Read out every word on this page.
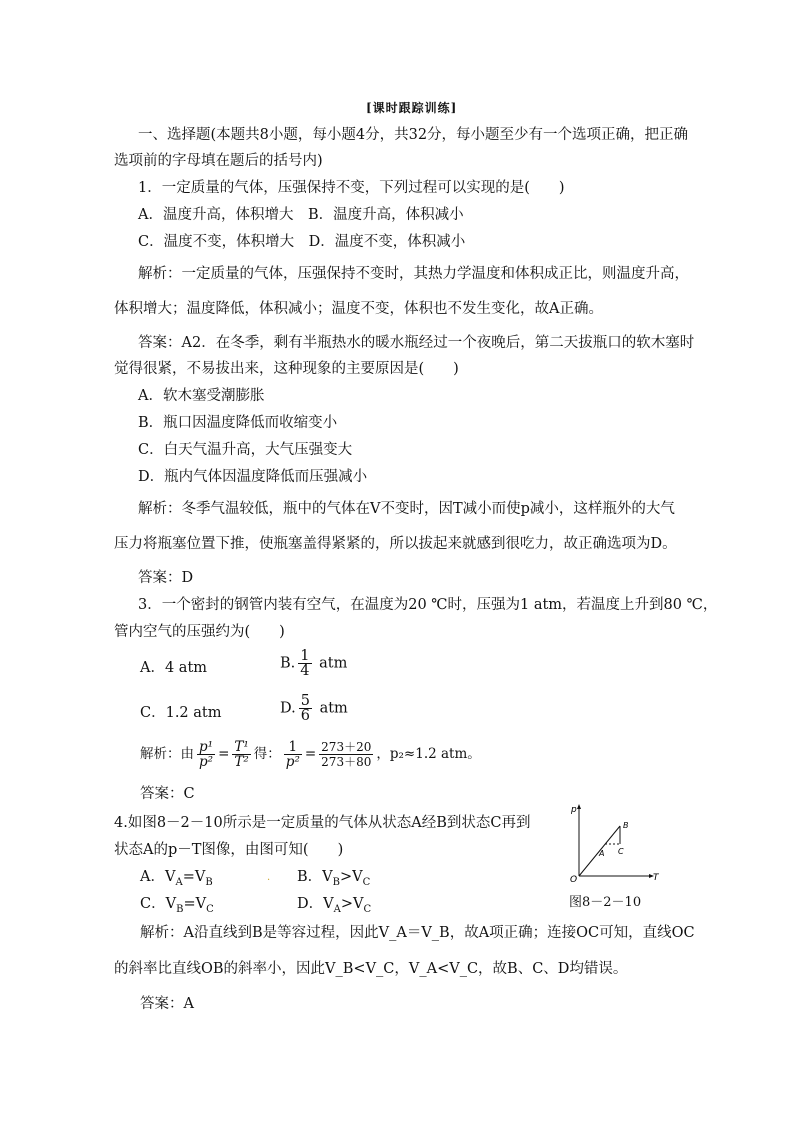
[课时跟踪训练]
一、选择题(本题共8小题，每小题4分，共32分，每小题至少有一个选项正确，把正确
选项前的字母填在题后的括号内)
1．一定质量的气体，压强保持不变，下列过程可以实现的是(　　)
A．温度升高，体积增大　B．温度升高，体积减小
C．温度不变，体积增大　D．温度不变，体积减小
解析：一定质量的气体，压强保持不变时，其热力学温度和体积成正比，则温度升高，
体积增大；温度降低，体积减小；温度不变，体积也不发生变化，故A正确。
答案：A2．在冬季，剩有半瓶热水的暖水瓶经过一个夜晚后，第二天拔瓶口的软木塞时
觉得很紧，不易拔出来，这种现象的主要原因是(　　)
A．软木塞受潮膨胀
B．瓶口因温度降低而收缩变小
C．白天气温升高，大气压强变大
D．瓶内气体因温度降低而压强减小
解析：冬季气温较低，瓶中的气体在V不变时，因T减小而使p减小，这样瓶外的大气
压力将瓶塞位置下推，使瓶塞盖得紧紧的，所以拔起来就感到很吃力，故正确选项为D。
答案：D
3．一个密封的钢管内装有空气，在温度为20 ℃时，压强为1 atm，若温度上升到80 ℃，
管内空气的压强约为(　　)
A．4 atm	B. $\frac{1}{4}$ atm
C．1.2 atm	D. $\frac{5}{6}$ atm
解析：由 $\frac{\text{p¹}}{\text{p²}} = \frac{\text{T¹}}{\text{T²}}$ 得： $\frac{1}{\text{p²}} = \frac{273+20}{273+80}$ ，p₂≈1.2 atm。
答案：C
4.如图8－2－10所示是一定质量的气体从状态A经B到状态C再到
状态A的p－T图像，由图可知(　　)
A．$V_A=V_B$	. B．$V_B>V_C$
C．$V_B=V_C$	D．$V_A>V_C$
p
T
O
A
B
C
图8－2－10
解析：A沿直线到B是等容过程，因此V_A＝V_B，故A项正确；连接OC可知，直线OC
的斜率比直线OB的斜率小，因此V_B<V_C，V_A<V_C，故B、C、D均错误。
答案：A
